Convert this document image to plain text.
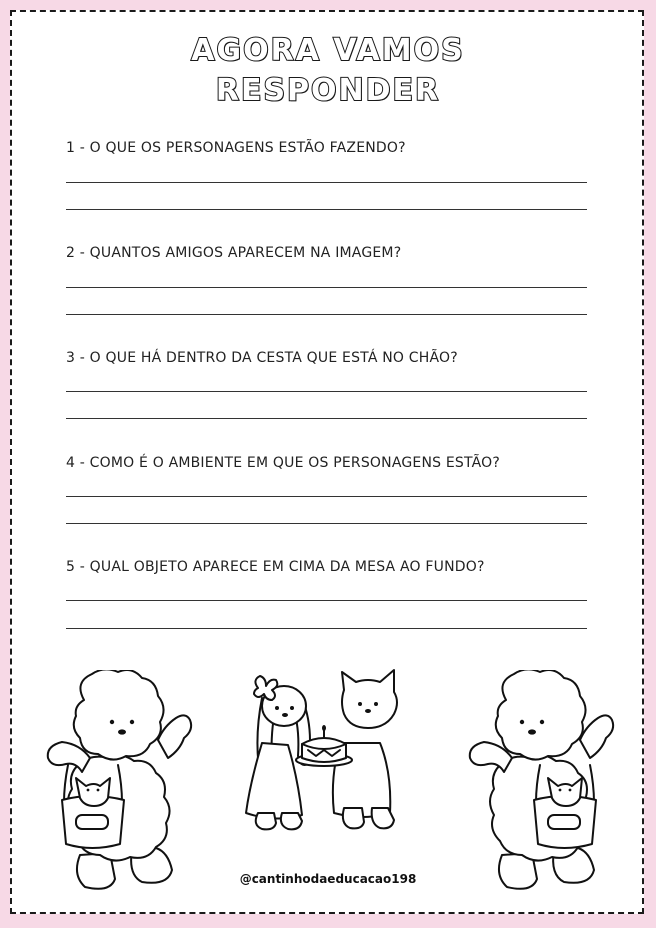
AGORA VAMOS
RESPONDER
1 - O QUE OS PERSONAGENS ESTÃO FAZENDO?
2 - QUANTOS AMIGOS APARECEM NA IMAGEM?
3 - O QUE HÁ DENTRO DA CESTA QUE ESTÁ NO CHÃO?
4 - COMO É O AMBIENTE EM QUE OS PERSONAGENS ESTÃO?
5 - QUAL OBJETO APARECE EM CIMA DA MESA AO FUNDO?
@cantinhodaeducacao198
